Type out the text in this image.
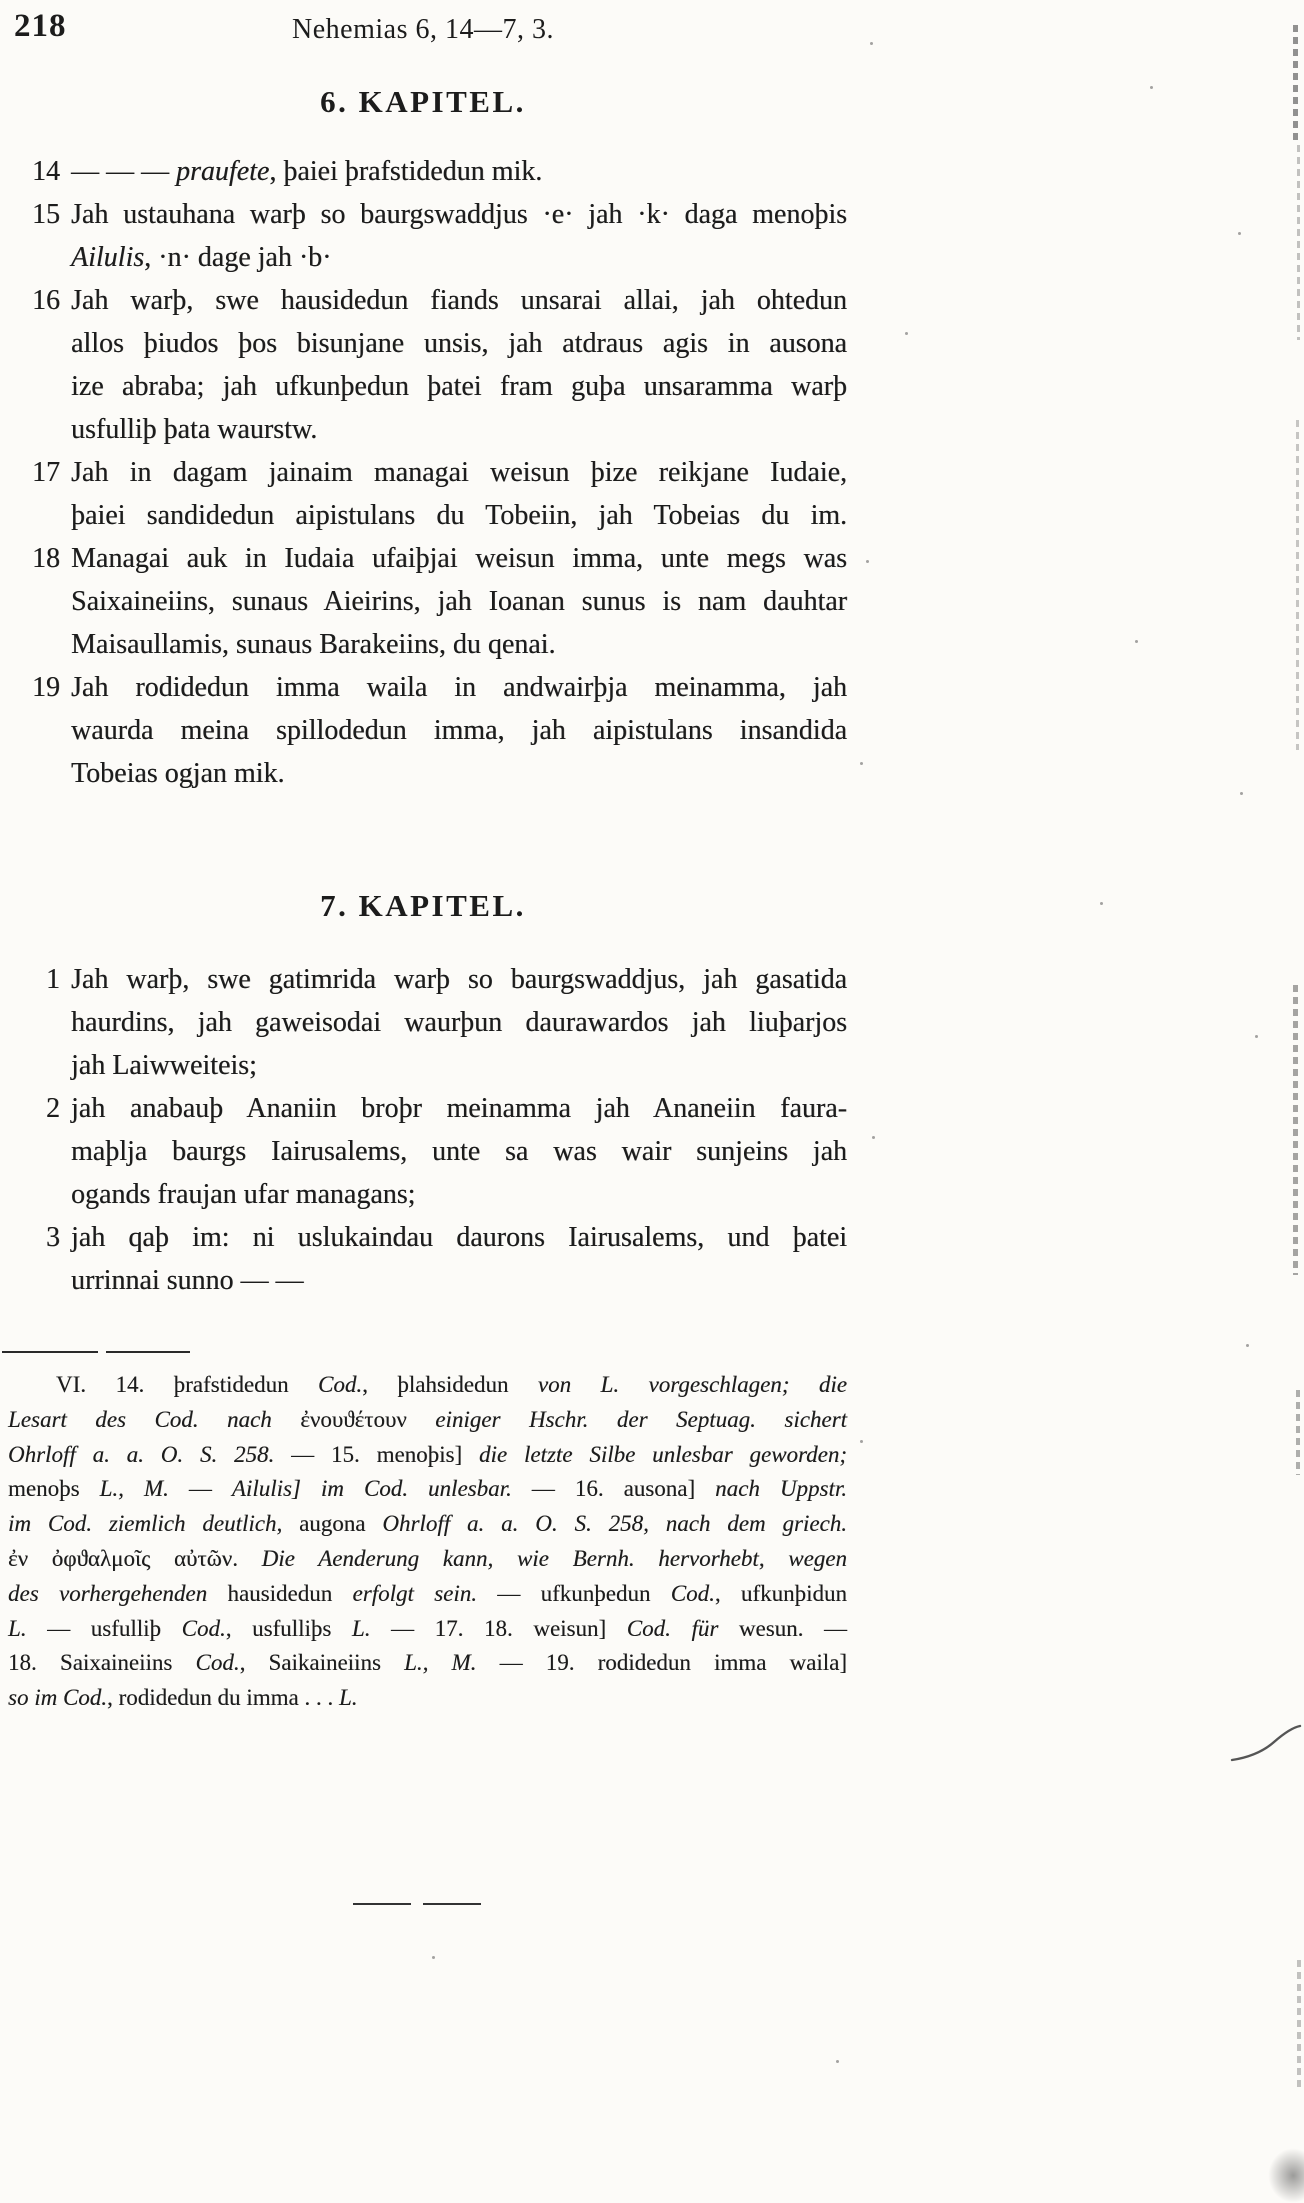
218	Nehemias 6, 14—7, 3.
6. KAPITEL.
14 — — — praufete, þaiei þrafstidedun mik.
15 Jah ustauhana warþ so baurgswaddjus ·e· jah ·k· daga menoþis
Ailulis, ·n· dage jah ·b·
16 Jah warþ, swe hausidedun fiands unsarai allai, jah ohtedun
allos þiudos þos bisunjane unsis, jah atdraus agis in ausona
ize abraba; jah ufkunþedun þatei fram guþa unsaramma warþ
usfulliþ þata waurstw.
17 Jah in dagam jainaim managai weisun þize reikjane Iudaie,
þaiei sandidedun aipistulans du Tobeiin, jah Tobeias du im.
18 Managai auk in Iudaia ufaiþjai weisun imma, unte megs was
Saixaineiins, sunaus Aieirins, jah Ioanan sunus is nam dauhtar
Maisaullamis, sunaus Barakeiins, du qenai.
19 Jah rodidedun imma waila in andwairþja meinamma, jah
waurda meina spillodedun imma, jah aipistulans insandida
Tobeias ogjan mik.
7. KAPITEL.
1 Jah warþ, swe gatimrida warþ so baurgswaddjus, jah gasatida
haurdins, jah gaweisodai waurþun daurawardos jah liuþarjos
jah Laiwweiteis;
2 jah anabauþ Ananiin broþr meinamma jah Ananeiin faura-
maþlja baurgs Iairusalems, unte sa was wair sunjeins jah
ogands fraujan ufar managans;
3 jah qaþ im: ni uslukaindau daurons Iairusalems, und þatei
urrinnai sunno — —
VI. 14. þrafstidedun Cod., þlahsidedun von L. vorgeschlagen; die
Lesart des Cod. nach ἐνουϑέτουν einiger Hschr. der Septuag. sichert
Ohrloff a. a. O. S. 258. — 15. menoþis] die letzte Silbe unlesbar geworden;
menoþs L., M. — Ailulis] im Cod. unlesbar. — 16. ausona] nach Uppstr.
im Cod. ziemlich deutlich, augona Ohrloff a. a. O. S. 258, nach dem griech.
ἐν ὀφϑαλμοῖς αὐτῶν. Die Aenderung kann, wie Bernh. hervorhebt, wegen
des vorhergehenden hausidedun erfolgt sein. — ufkunþedun Cod., ufkunþidun
L. — usfulliþ Cod., usfulliþs L. — 17. 18. weisun] Cod. für wesun. —
18. Saixaineiins Cod., Saikaineiins L., M. — 19. rodidedun imma waila]
so im Cod., rodidedun du imma . . . L.
